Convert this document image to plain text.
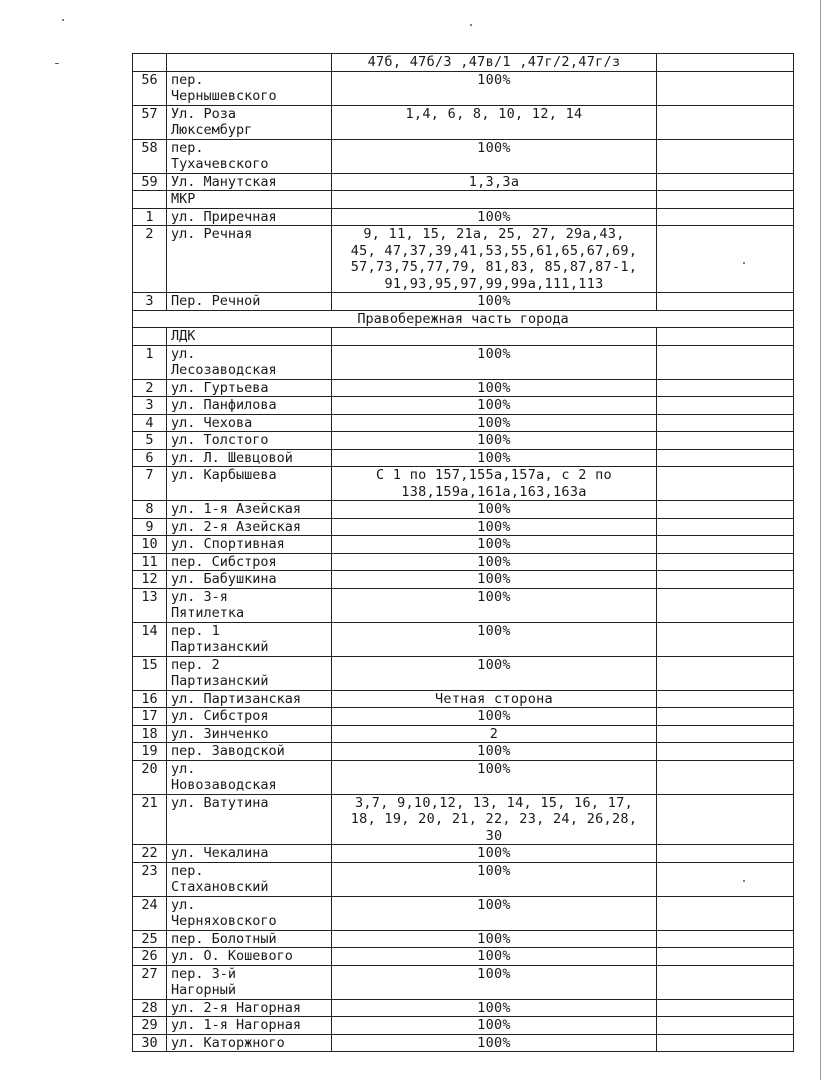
		47б, 47б/3 ,47в/1 ,47г/2,47г/з	
56	пер.
Чернышевского	100%	
57	Ул. Роза
Люксембург	1,4, 6, 8, 10, 12, 14	
58	пер.
Тухачевского	100%	
59	Ул. Манутская	1,3,3а	
	МКР		
1	ул. Приречная	100%	
2	ул. Речная	9, 11, 15, 21а, 25, 27, 29а,43,
45, 47,37,39,41,53,55,61,65,67,69,
57,73,75,77,79, 81,83, 85,87,87-1,
91,93,95,97,99,99а,111,113	
3	Пер. Речной	100%	
Правобережная часть города			
	ЛДК		
1	ул.
Лесозаводская	100%	
2	ул. Гуртьева	100%	
3	ул. Панфилова	100%	
4	ул. Чехова	100%	
5	ул. Толстого	100%	
6	ул. Л. Шевцовой	100%	
7	ул. Карбышева	С 1 по 157,155а,157а, с 2 по
138,159а,161а,163,163а	
8	ул. 1-я Азейская	100%	
9	ул. 2-я Азейская	100%	
10	ул. Спортивная	100%	
11	пер. Сибстроя	100%	
12	ул. Бабушкина	100%	
13	ул. 3-я
Пятилетка	100%	
14	пер. 1
Партизанский	100%	
15	пер. 2
Партизанский	100%	
16	ул. Партизанская	Четная сторона	
17	ул. Сибстроя	100%	
18	ул. Зинченко	2	
19	пер. Заводской	100%	
20	ул.
Новозаводская	100%	
21	ул. Ватутина	3,7, 9,10,12, 13, 14, 15, 16, 17,
18, 19, 20, 21, 22, 23, 24, 26,28,
30	
22	ул. Чекалина	100%	
23	пер.
Стахановский	100%	
24	ул.
Черняховского	100%	
25	пер. Болотный	100%	
26	ул. О. Кошевого	100%	
27	пер. 3-й
Нагорный	100%	
28	ул. 2-я Нагорная	100%	
29	ул. 1-я Нагорная	100%	
30	ул. Каторжного	100%	
